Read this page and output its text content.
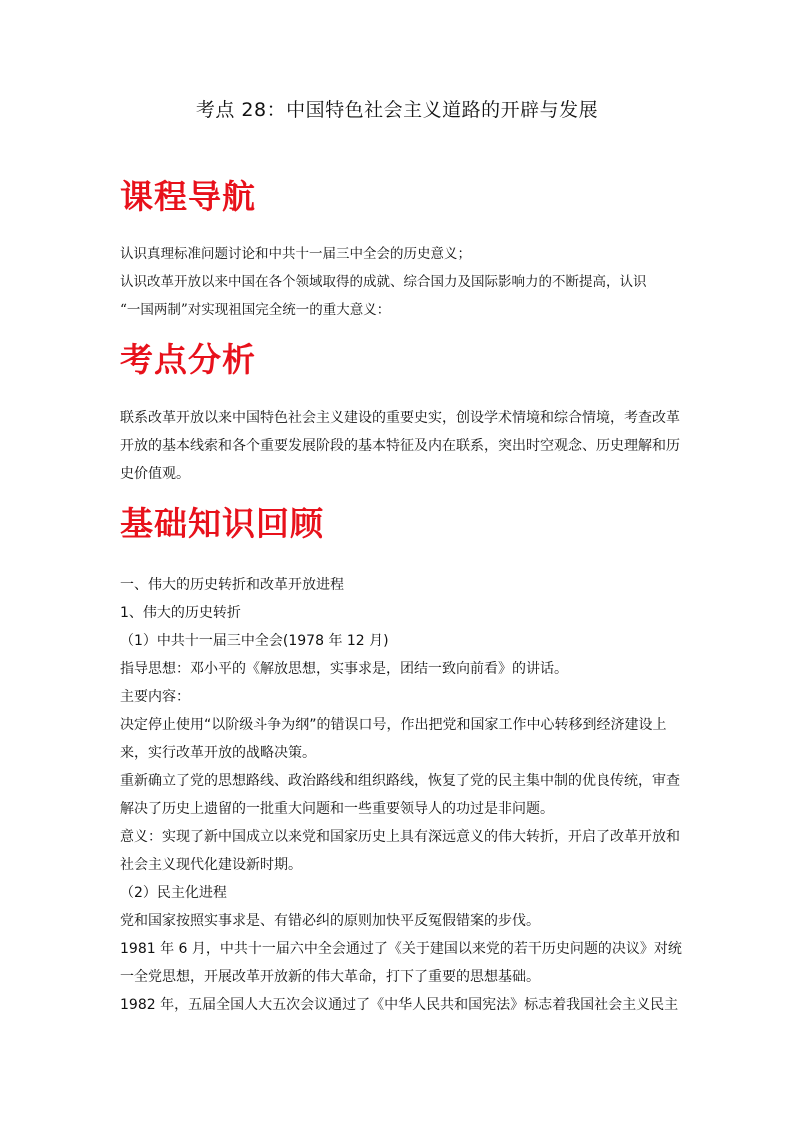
考点 28：中国特色社会主义道路的开辟与发展
课程导航

认识真理标准问题讨论和中共十一届三中全会的历史意义；

认识改革开放以来中国在各个领域取得的成就、综合国力及国际影响力的不断提高，认识

“一国两制”对实现祖国完全统一的重大意义：

考点分析

联系改革开放以来中国特色社会主义建设的重要史实，创设学术情境和综合情境，考查改革

开放的基本线索和各个重要发展阶段的基本特征及内在联系，突出时空观念、历史理解和历

史价值观。

基础知识回顾

一、伟大的历史转折和改革开放进程

1、伟大的历史转折

（1）中共十一届三中全会(1978 年 12 月)

指导思想：邓小平的《解放思想，实事求是，团结一致向前看》的讲话。

主要内容：

决定停止使用“以阶级斗争为纲”的错误口号，作出把党和国家工作中心转移到经济建设上

来，实行改革开放的战略决策。

重新确立了党的思想路线、政治路线和组织路线，恢复了党的民主集中制的优良传统，审查

解决了历史上遗留的一批重大问题和一些重要领导人的功过是非问题。

意义：实现了新中国成立以来党和国家历史上具有深远意义的伟大转折，开启了改革开放和

社会主义现代化建设新时期。

（2）民主化进程

党和国家按照实事求是、有错必纠的原则加快平反冤假错案的步伐。

1981 年 6 月，中共十一届六中全会通过了《关于建国以来党的若干历史问题的决议》对统

一全党思想，开展改革开放新的伟大革命，打下了重要的思想基础。

1982 年，五届全国人大五次会议通过了《中华人民共和国宪法》标志着我国社会主义民主
